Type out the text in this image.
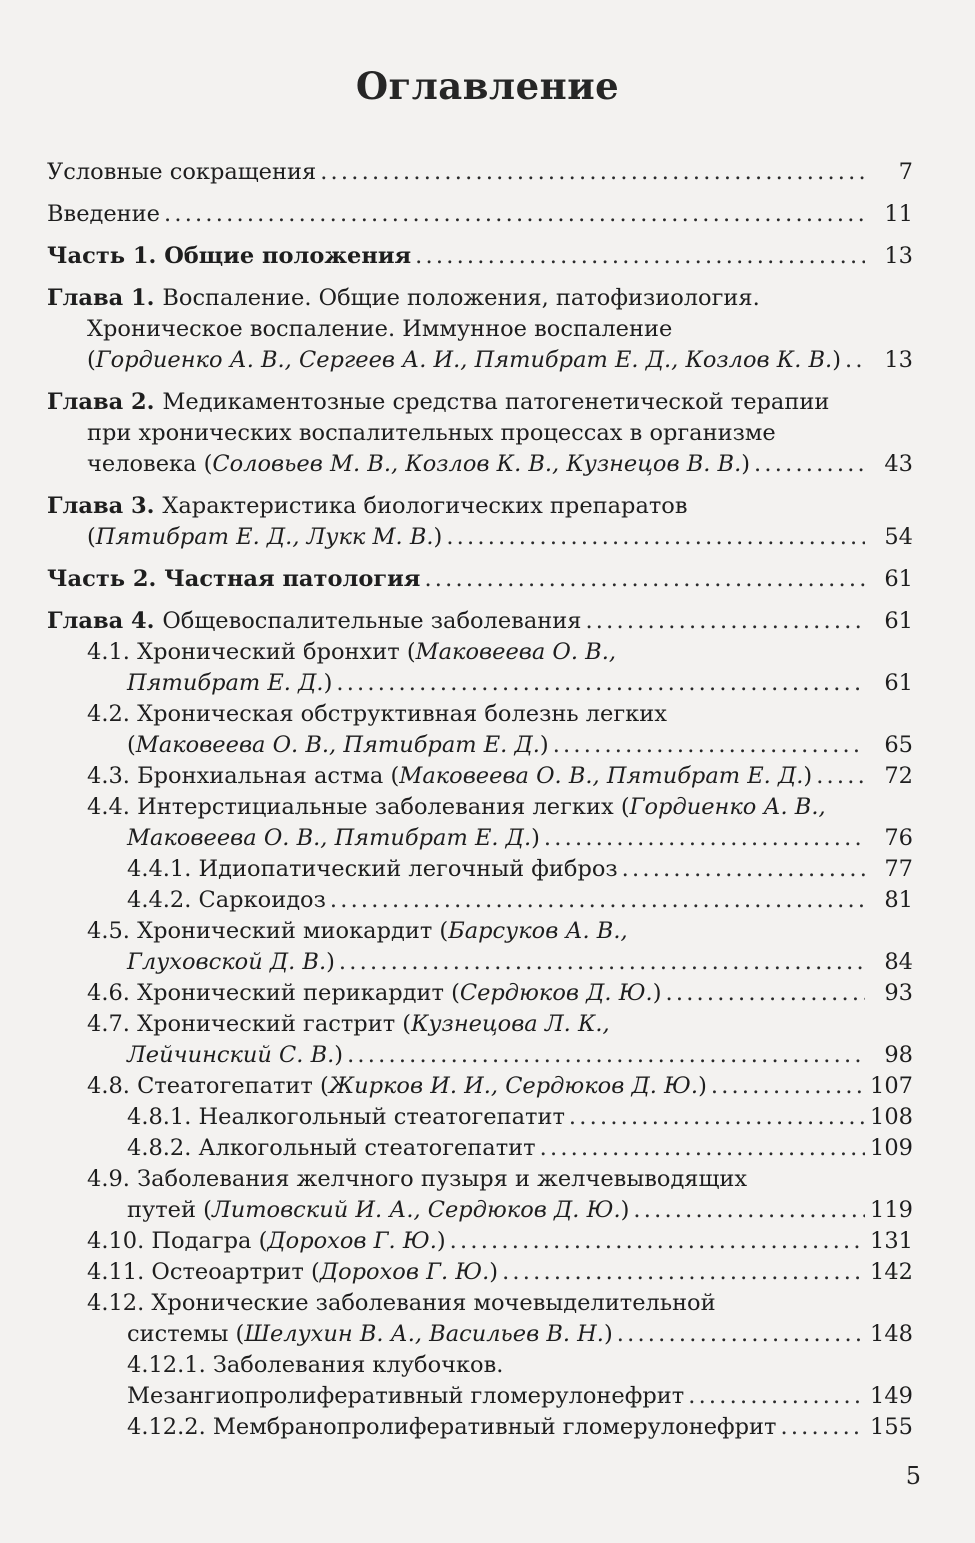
Оглавление
7
Условные сокращения
.....
11
Введение
.....
13
Часть 1. Общие положения
.....
Глава 1. Воспаление. Общие положения, патофизиология.
Хроническое воспаление. Иммунное воспаление
13
(Гордиенко А. В., Сергеев А. И., Пятибрат Е. Д., Козлов К. В.)
.....
Глава 2. Медикаментозные средства патогенетической терапии
при хронических воспалительных процессах в организме
43
человека (Соловьев М. В., Козлов К. В., Кузнецов В. В.)
.....
Глава 3. Характеристика биологических препаратов
54
(Пятибрат Е. Д., Лукк М. В.)
.....
61
Часть 2. Частная патология
.....
61
Глава 4. Общевоспалительные заболевания
.....
4.1. Хронический бронхит (Маковеева О. В.,
61
Пятибрат Е. Д.)
.....
4.2. Хроническая обструктивная болезнь легких
65
(Маковеева О. В., Пятибрат Е. Д.)
.....
72
4.3. Бронхиальная астма (Маковеева О. В., Пятибрат Е. Д.)
.....
4.4. Интерстициальные заболевания легких (Гордиенко А. В.,
76
Маковеева О. В., Пятибрат Е. Д.)
.....
77
4.4.1. Идиопатический легочный фиброз
.....
81
4.4.2. Саркоидоз
.....
4.5. Хронический миокардит (Барсуков А. В.,
84
Глуховской Д. В.)
.....
93
4.6. Хронический перикардит (Сердюков Д. Ю.)
.....
4.7. Хронический гастрит (Кузнецова Л. К.,
98
Лейчинский С. В.)
.....
107
4.8. Стеатогепатит (Жирков И. И., Сердюков Д. Ю.)
.....
108
4.8.1. Неалкогольный стеатогепатит
.....
109
4.8.2. Алкогольный стеатогепатит
.....
4.9. Заболевания желчного пузыря и желчевыводящих
119
путей (Литовский И. А., Сердюков Д. Ю.)
.....
131
4.10. Подагра (Дорохов Г. Ю.)
.....
142
4.11. Остеоартрит (Дорохов Г. Ю.)
.....
4.12. Хронические заболевания мочевыделительной
148
системы (Шелухин В. А., Васильев В. Н.)
.....
4.12.1. Заболевания клубочков.
149
Мезангиопролиферативный гломерулонефрит
.....
155
4.12.2. Мембранопролиферативный гломерулонефрит
.....
5
